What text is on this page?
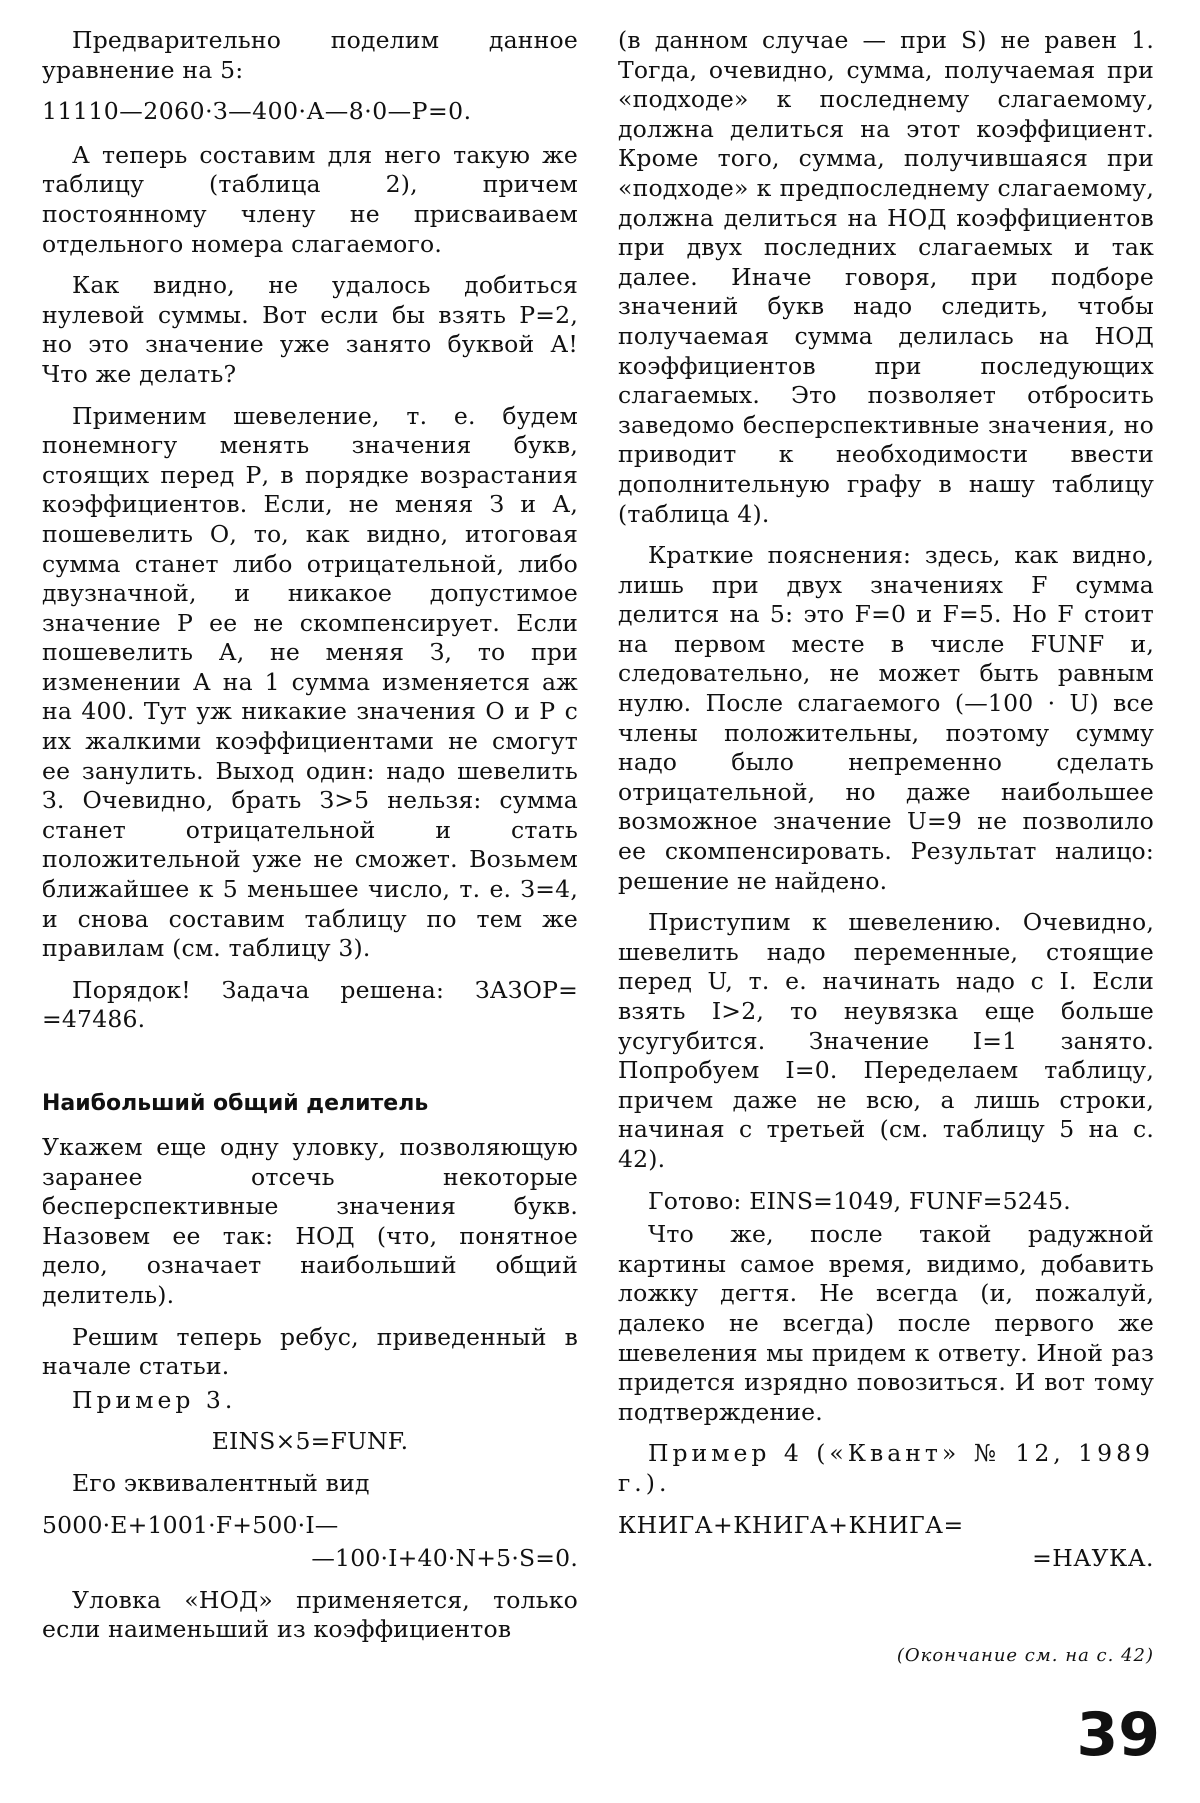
Предварительно поделим данное уравнение на 5:

11110—2060·З—400·А—8·0—Р=0.

А теперь составим для него такую же таблицу (таблица 2), причем постоянному члену не присваиваем отдельного номера слагаемого.

Как видно, не удалось добиться нулевой суммы. Вот если бы взять Р=2, но это значение уже занято буквой А! Что же делать?

Применим шевеление, т. е. будем понемногу менять значения букв, стоящих перед Р, в порядке возрастания коэффициентов. Если, не меняя З и А, пошевелить О, то, как видно, итоговая сумма станет либо отрицательной, либо двузначной, и никакое допустимое значение Р ее не скомпенсирует. Если пошевелить А, не меняя З, то при изменении А на 1 сумма изменяется аж на 400. Тут уж никакие значения О и Р с их жалкими коэффициентами не смогут ее занулить. Выход один: надо шевелить З. Очевидно, брать З>5 нельзя: сумма станет отрицательной и стать положительной уже не сможет. Возьмем ближайшее к 5 меньшее число, т. е. З=4, и снова составим таблицу по тем же правилам (см. таблицу 3).

Порядок! Задача решена: ЗАЗОР= =47486.

Наибольший общий делитель

Укажем еще одну уловку, позволяющую заранее отсечь некоторые бесперспективные значения букв. Назовем ее так: НОД (что, понятное дело, означает наибольший общий делитель).

Решим теперь ребус, приведенный в начале статьи.

Пример 3.

EINS×5=FUNF.

Его эквивалентный вид

5000·E+1001·F+500·I—

—100·I+40·N+5·S=0.

Уловка «НОД» применяется, только если наименьший из коэффициентов

(в данном случае — при S) не равен 1. Тогда, очевидно, сумма, получаемая при «подходе» к последнему слагаемому, должна делиться на этот коэффициент. Кроме того, сумма, получившаяся при «подходе» к предпоследнему слагаемому, должна делиться на НОД коэффициентов при двух последних слагаемых и так далее. Иначе говоря, при подборе значений букв надо следить, чтобы получаемая сумма делилась на НОД коэффициентов при последующих слагаемых. Это позволяет отбросить заведомо бесперспективные значения, но приводит к необходимости ввести дополнительную графу в нашу таблицу (таблица 4).

Краткие пояснения: здесь, как видно, лишь при двух значениях F сумма делится на 5: это F=0 и F=5. Но F стоит на первом месте в числе FUNF и, следовательно, не может быть равным нулю. После слагаемого (—100 · U) все члены положительны, поэтому сумму надо было непременно сделать отрицательной, но даже наибольшее возможное значение U=9 не позволило ее скомпенсировать. Результат налицо: решение не найдено.

Приступим к шевелению. Очевидно, шевелить надо переменные, стоящие перед U, т. е. начинать надо с I. Если взять I>2, то неувязка еще больше усугубится. Значение I=1 занято. Попробуем I=0. Переделаем таблицу, причем даже не всю, а лишь строки, начиная с третьей (см. таблицу 5 на с. 42).

Готово: EINS=1049, FUNF=5245.

Что же, после такой радужной картины самое время, видимо, добавить ложку дегтя. Не всегда (и, пожалуй, далеко не всегда) после первого же шевеления мы придем к ответу. Иной раз придется изрядно повозиться. И вот тому подтверждение.

Пример 4 («Квант» № 12, 1989 г.).

КНИГА+КНИГА+КНИГА=

=НАУКА.

(Окончание см. на с. 42)
39
